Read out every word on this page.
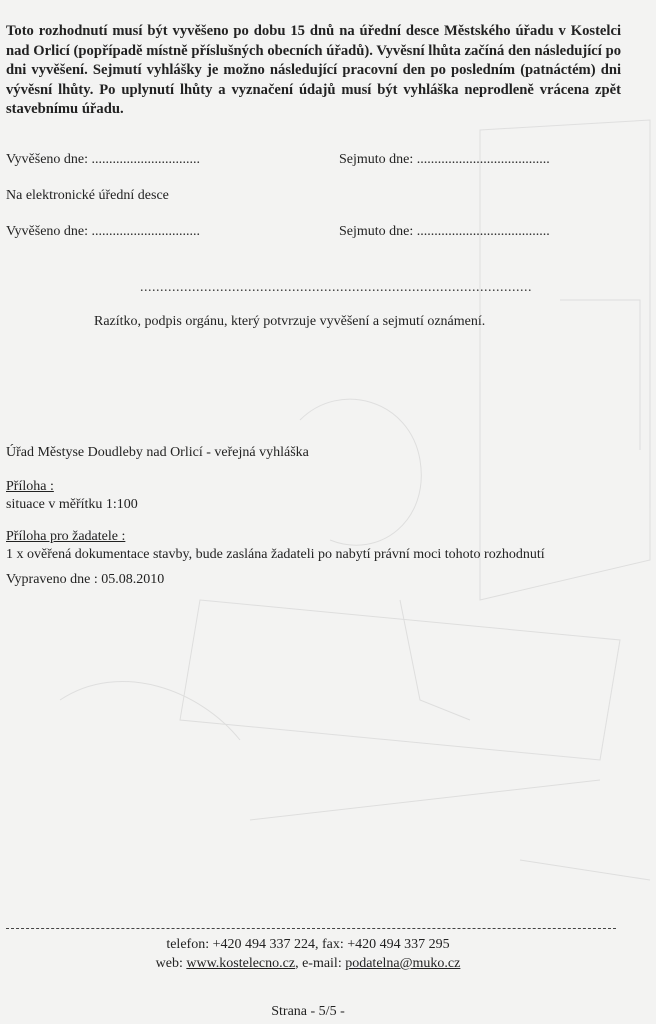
Toto rozhodnutí musí být vyvěšeno po dobu 15 dnů na úřední desce Městského úřadu v Kostelci nad Orlicí (popřípadě místně příslušných obecních úřadů). Vyvěsní lhůta začíná den následující po dni vyvěšení. Sejmutí vyhlášky je možno následující pracovní den po posledním (patnáctém) dni vývěsní lhůty. Po uplynutí lhůty a vyznačení údajů musí být vyhláška neprodleně vrácena zpět stavebnímu úřadu.
Vyvěšeno dne: ...............................	Sejmuto dne: ......................................
Na elektronické úřední desce
Vyvěšeno dne: ...............................	Sejmuto dne: ......................................
..................................................................................................
Razítko, podpis orgánu, který potvrzuje vyvěšení a sejmutí oznámení.
Úřad Městyse Doudleby nad Orlicí - veřejná vyhláška
Příloha :
situace v měřítku 1:100
Příloha pro žadatele :
1 x ověřená dokumentace stavby, bude zaslána žadateli po nabytí právní moci tohoto rozhodnutí
Vypraveno dne : 05.08.2010
telefon: +420 494 337 224, fax: +420 494 337 295
web: www.kostelecno.cz, e-mail: podatelna@muko.cz
Strana - 5/5 -
